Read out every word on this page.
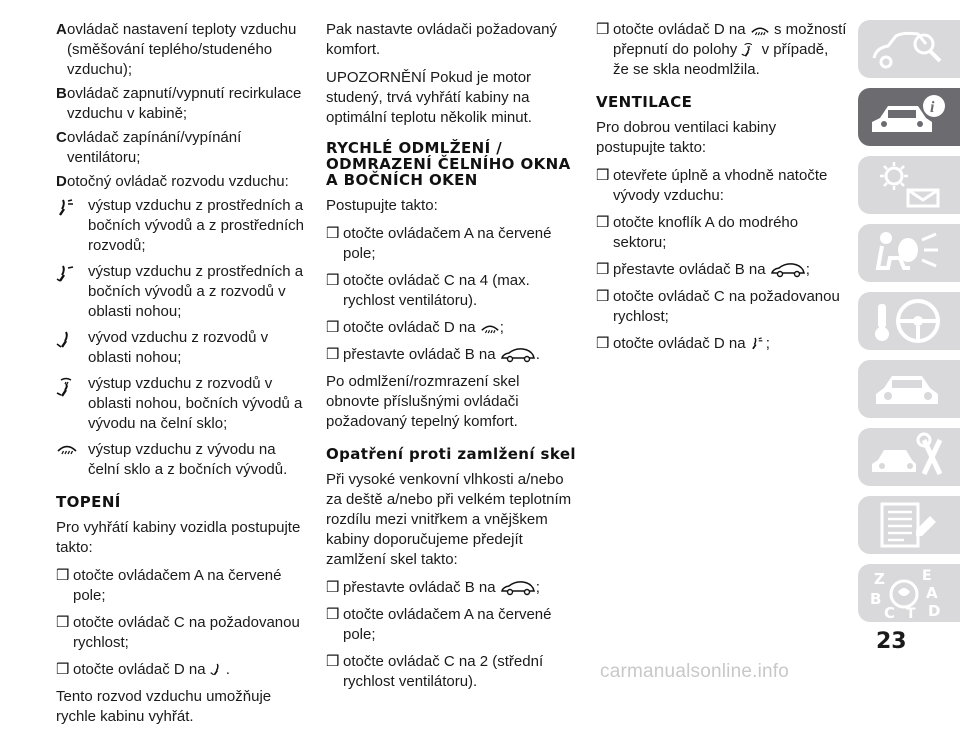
A ovládač nastavení teploty vzduchu (směšování teplého/studeného vzduchu);
B ovládač zapnutí/vypnutí recirkulace vzduchu v kabině;
C ovládač zapínání/vypínání ventilátoru;
D otočný ovládač rozvodu vzduchu:
výstup vzduchu z prostředních a bočních vývodů a z prostředních rozvodů;
výstup vzduchu z prostředních a bočních vývodů a z rozvodů v oblasti nohou;
vývod vzduchu z rozvodů v oblasti nohou;
výstup vzduchu z rozvodů v oblasti nohou, bočních vývodů a vývodu na čelní sklo;
výstup vzduchu z vývodu na čelní sklo a z bočních vývodů.
TOPENÍ

Pro vyhřátí kabiny vozidla postupujte takto:

❒ otočte ovládačem A na červené pole;
❒ otočte ovládač C na požadovanou rychlost;
❒ otočte ovládač D na .

Tento rozvod vzduchu umožňuje rychle kabinu vyhřát.

Pak nastavte ovládači požadovaný komfort.

UPOZORNĚNÍ Pokud je motor studený, trvá vyhřátí kabiny na optimální teplotu několik minut.

RYCHLÉ ODMLŽENÍ / ODMRAZENÍ ČELNÍHO OKNA A BOČNÍCH OKEN

Postupujte takto:

❒ otočte ovládačem A na červené pole;
❒ otočte ovládač C na 4 (max. rychlost ventilátoru).
❒ otočte ovládač D na ;
❒ přestavte ovládač B na	.

Po odmlžení/rozmrazení skel obnovte příslušnými ovládači požadovaný tepelný komfort.

Opatření proti zamlžení skel

Při vysoké venkovní vlhkosti a/nebo za deště a/nebo při velkém teplotním rozdílu mezi vnitřkem a vnějškem kabiny doporučujeme předejít zamlžení skel takto:

❒ přestavte ovládač B na	;
❒ otočte ovládačem A na červené pole;
❒ otočte ovládač C na 2 (střední rychlost ventilátoru).
❒ otočte ovládač D na s možností přepnutí do polohy v případě, že se skla neodmlžila.
VENTILACE

Pro dobrou ventilaci kabiny postupujte takto:

❒ otevřete úplně a vhodně natočte vývody vzduchu:
❒ otočte knoflík A do modrého sektoru;
❒ přestavte ovládač B na	;
❒ otočte ovládač C na požadovanou rychlost;
❒ otočte ovládač D na ;
i
Z	E
B	A
D
C T
23
carmanualsonline.info
